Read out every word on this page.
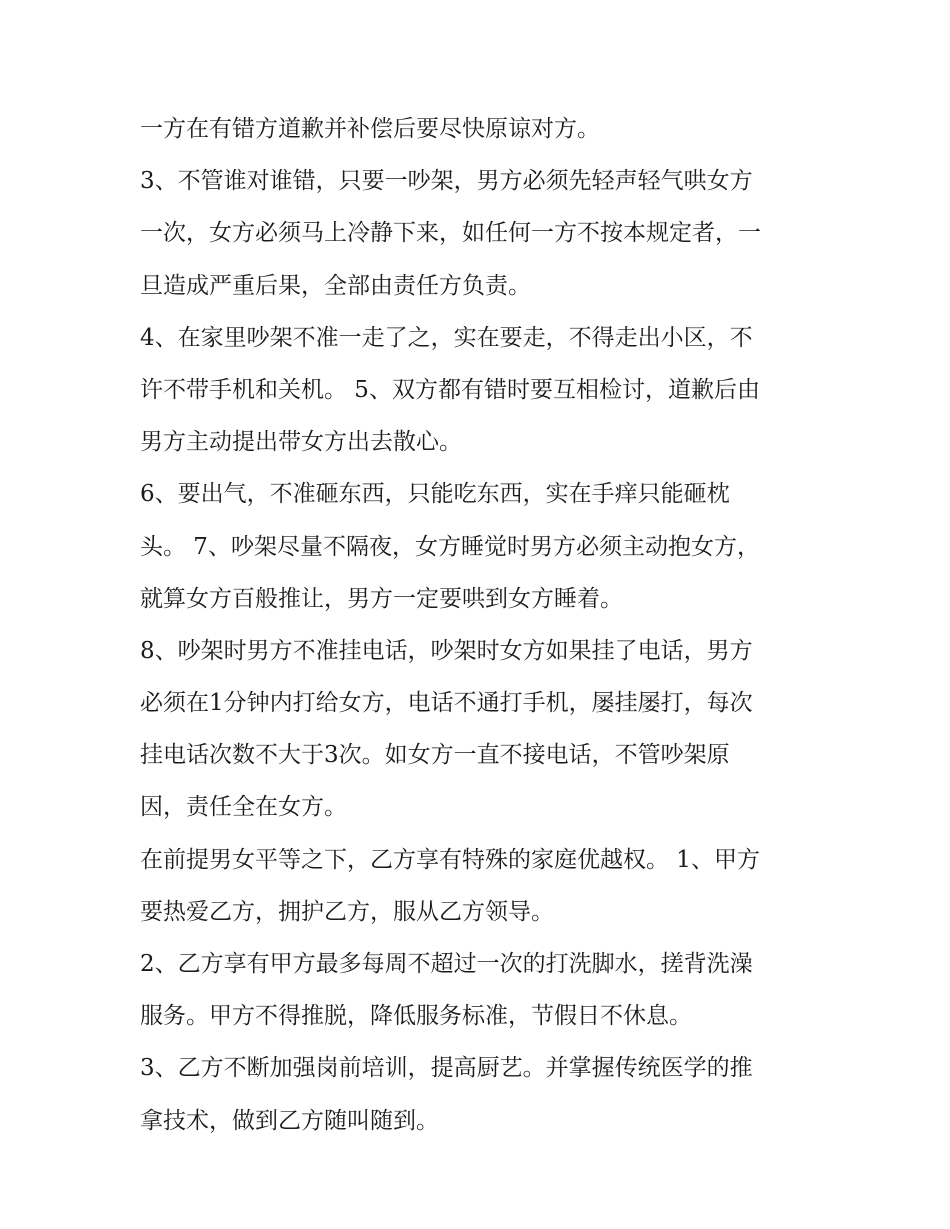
一方在有错方道歉并补偿后要尽快原谅对方。
3、不管谁对谁错，只要一吵架，男方必须先轻声轻气哄女方
一次，女方必须马上冷静下来，如任何一方不按本规定者，一
旦造成严重后果，全部由责任方负责。
4、在家里吵架不准一走了之，实在要走，不得走出小区，不
许不带手机和关机。 5、双方都有错时要互相检讨，道歉后由
男方主动提出带女方出去散心。
6、要出气，不准砸东西，只能吃东西，实在手痒只能砸枕
头。 7、吵架尽量不隔夜，女方睡觉时男方必须主动抱女方，
就算女方百般推让，男方一定要哄到女方睡着。
8、吵架时男方不准挂电话，吵架时女方如果挂了电话，男方
必须在1分钟内打给女方，电话不通打手机，屡挂屡打，每次
挂电话次数不大于3次。如女方一直不接电话，不管吵架原
因，责任全在女方。
在前提男女平等之下，乙方享有特殊的家庭优越权。 1、甲方
要热爱乙方，拥护乙方，服从乙方领导。
2、乙方享有甲方最多每周不超过一次的打洗脚水，搓背洗澡
服务。甲方不得推脱，降低服务标准，节假日不休息。
3、乙方不断加强岗前培训，提高厨艺。并掌握传统医学的推
拿技术，做到乙方随叫随到。
